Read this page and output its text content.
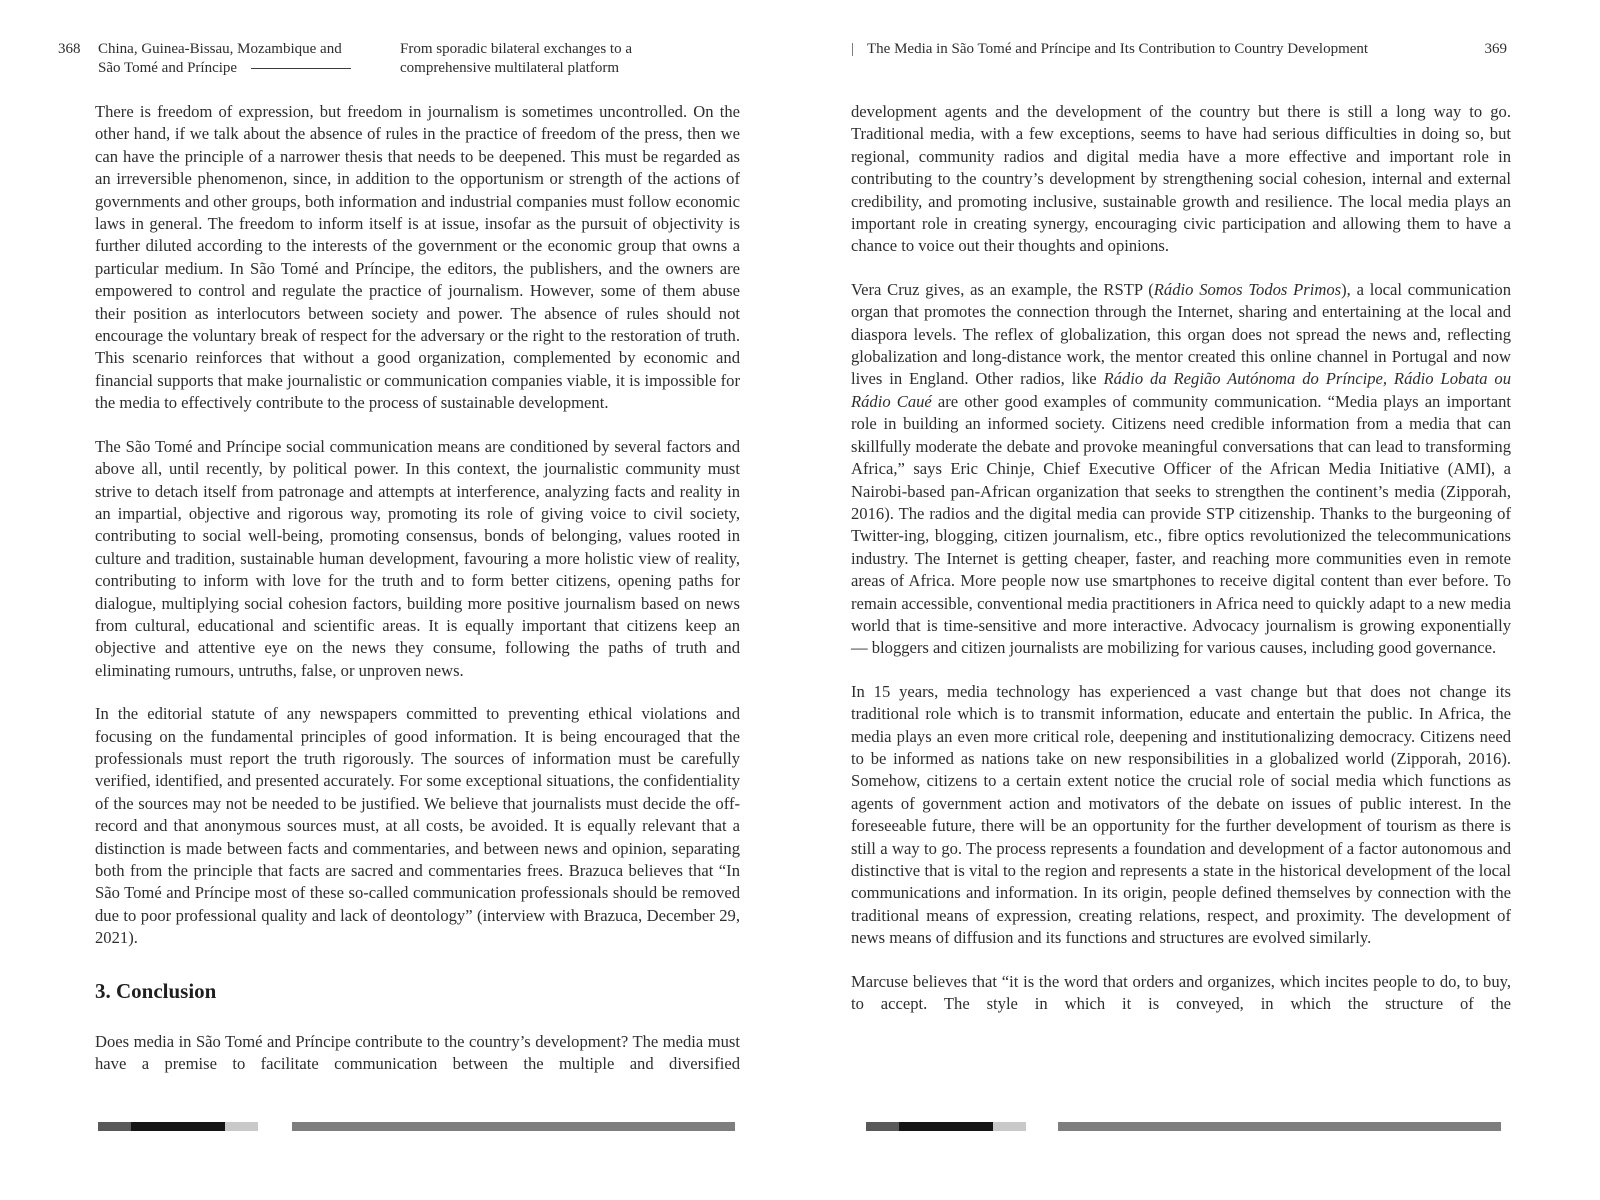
368 China, Guinea-Bissau, Mozambique and
São Tomé and Príncipe
From sporadic bilateral exchanges to a
comprehensive multilateral platform

There is freedom of expression, but freedom in journalism is sometimes uncontrolled. On the other hand, if we talk about the absence of rules in the practice of freedom of the press, then we can have the principle of a narrower thesis that needs to be deepened. This must be regarded as an irreversible phenomenon, since, in addition to the opportunism or strength of the actions of governments and other groups, both information and industrial companies must follow economic laws in general. The freedom to inform itself is at issue, insofar as the pursuit of objectivity is further diluted according to the interests of the government or the economic group that owns a particular medium. In São Tomé and Príncipe, the editors, the publishers, and the owners are empowered to control and regulate the practice of journalism. However, some of them abuse their position as interlocutors between society and power. The absence of rules should not encourage the voluntary break of respect for the adversary or the right to the restoration of truth. This scenario reinforces that without a good organization, complemented by economic and financial supports that make journalistic or communication companies viable, it is impossible for the media to effectively contribute to the process of sustainable development.

The São Tomé and Príncipe social communication means are conditioned by several factors and above all, until recently, by political power. In this context, the journalistic community must strive to detach itself from patronage and attempts at interference, analyzing facts and reality in an impartial, objective and rigorous way, promoting its role of giving voice to civil society, contributing to social well-being, promoting consensus, bonds of belonging, values rooted in culture and tradition, sustainable human development, favouring a more holistic view of reality, contributing to inform with love for the truth and to form better citizens, opening paths for dialogue, multiplying social cohesion factors, building more positive journalism based on news from cultural, educational and scientific areas. It is equally important that citizens keep an objective and attentive eye on the news they consume, following the paths of truth and eliminating rumours, untruths, false, or unproven news.

In the editorial statute of any newspapers committed to preventing ethical violations and focusing on the fundamental principles of good information. It is being encouraged that the professionals must report the truth rigorously. The sources of information must be carefully verified, identified, and presented accurately. For some exceptional situations, the confidentiality of the sources may not be needed to be justified. We believe that journalists must decide the off-record and that anonymous sources must, at all costs, be avoided. It is equally relevant that a distinction is made between facts and commentaries, and between news and opinion, separating both from the principle that facts are sacred and commentaries frees. Brazuca believes that “In São Tomé and Príncipe most of these so-called communication professionals should be removed due to poor professional quality and lack of deontology” (interview with Brazuca, December 29, 2021).

3. Conclusion

Does media in São Tomé and Príncipe contribute to the country’s development? The media must have a premise to facilitate communication between the multiple and diversified

| The Media in São Tomé and Príncipe and Its Contribution to Country Development	369

development agents and the development of the country but there is still a long way to go. Traditional media, with a few exceptions, seems to have had serious difficulties in doing so, but regional, community radios and digital media have a more effective and important role in contributing to the country’s development by strengthening social cohesion, internal and external credibility, and promoting inclusive, sustainable growth and resilience. The local media plays an important role in creating synergy, encouraging civic participation and allowing them to have a chance to voice out their thoughts and opinions.

Vera Cruz gives, as an example, the RSTP (Rádio Somos Todos Primos), a local communication organ that promotes the connection through the Internet, sharing and entertaining at the local and diaspora levels. The reflex of globalization, this organ does not spread the news and, reflecting globalization and long-distance work, the mentor created this online channel in Portugal and now lives in England. Other radios, like Rádio da Região Autónoma do Príncipe, Rádio Lobata ou Rádio Caué are other good examples of community communication. “Media plays an important role in building an informed society. Citizens need credible information from a media that can skillfully moderate the debate and provoke meaningful conversations that can lead to transforming Africa,” says Eric Chinje, Chief Executive Officer of the African Media Initiative (AMI), a Nairobi-based pan-African organization that seeks to strengthen the continent’s media (Zipporah, 2016). The radios and the digital media can provide STP citizenship. Thanks to the burgeoning of Twitter-ing, blogging, citizen journalism, etc., fibre optics revolutionized the telecommunications industry. The Internet is getting cheaper, faster, and reaching more communities even in remote areas of Africa. More people now use smartphones to receive digital content than ever before. To remain accessible, conventional media practitioners in Africa need to quickly adapt to a new media world that is time-sensitive and more interactive. Advocacy journalism is growing exponentially — bloggers and citizen journalists are mobilizing for various causes, including good governance.

In 15 years, media technology has experienced a vast change but that does not change its traditional role which is to transmit information, educate and entertain the public. In Africa, the media plays an even more critical role, deepening and institutionalizing democracy. Citizens need to be informed as nations take on new responsibilities in a globalized world (Zipporah, 2016). Somehow, citizens to a certain extent notice the crucial role of social media which functions as agents of government action and motivators of the debate on issues of public interest. In the foreseeable future, there will be an opportunity for the further development of tourism as there is still a way to go. The process represents a foundation and development of a factor autonomous and distinctive that is vital to the region and represents a state in the historical development of the local communications and information. In its origin, people defined themselves by connection with the traditional means of expression, creating relations, respect, and proximity. The development of news means of diffusion and its functions and structures are evolved similarly.

Marcuse believes that “it is the word that orders and organizes, which incites people to do, to buy, to accept. The style in which it is conveyed, in which the structure of the
